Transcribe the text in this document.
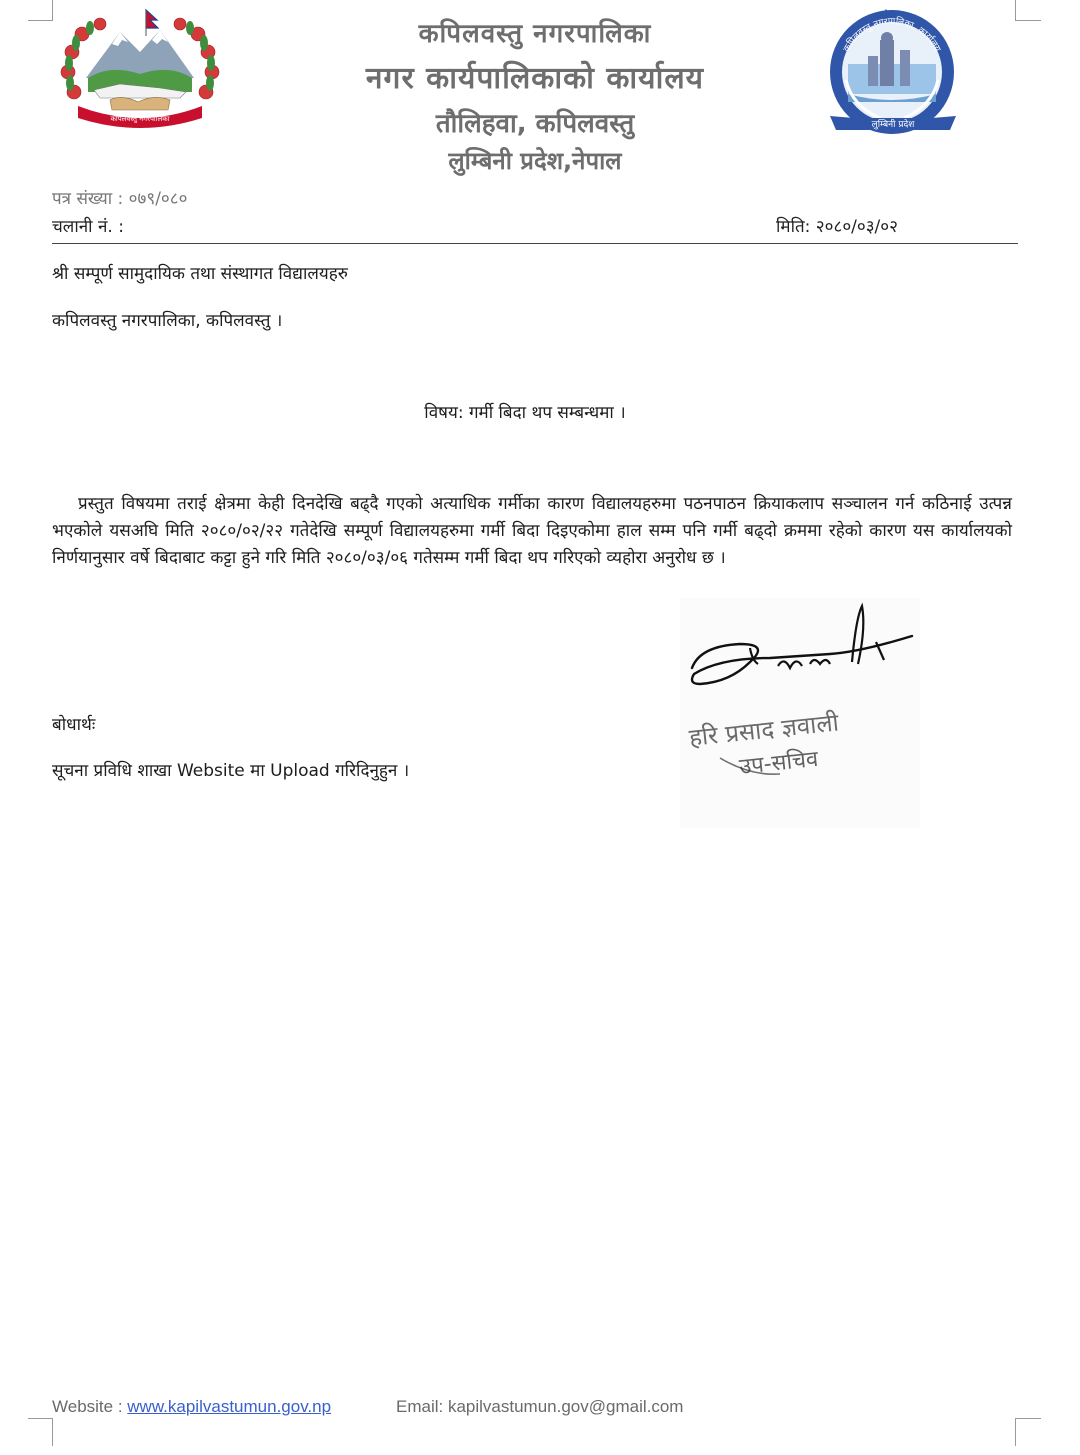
कपिलवस्तु नगरपालिका
कपिलवस्तु नगरपालिका, कार्यालय
लुम्बिनी प्रदेश
कपिलवस्तु नगरपालिका
नगर कार्यपालिकाको कार्यालय
तौलिहवा, कपिलवस्तु
लुम्बिनी प्रदेश,नेपाल
पत्र संख्या : ०७९/०८०
चलानी नं. :	मिति: २०८०/०३/०२
श्री सम्पूर्ण सामुदायिक तथा संस्थागत विद्यालयहरु
कपिलवस्तु नगरपालिका, कपिलवस्तु ।
विषय: गर्मी बिदा थप सम्बन्धमा ।
प्रस्तुत विषयमा तराई क्षेत्रमा केही दिनदेखि बढ्दै गएको अत्याधिक गर्मीका कारण विद्यालयहरुमा पठनपाठन क्रियाकलाप सञ्चालन गर्न कठिनाई उत्पन्न भएकोले यसअघि मिति २०८०/०२/२२ गतेदेखि सम्पूर्ण विद्यालयहरुमा गर्मी बिदा दिइएकोमा हाल सम्म पनि गर्मी बढ्दो क्रममा रहेको कारण यस कार्यालयको निर्णयानुसार वर्षे बिदाबाट कट्टा हुने गरि मिति २०८०/०३/०६ गतेसम्म गर्मी बिदा थप गरिएको व्यहोरा अनुरोध छ ।
बोधार्थः
सूचना प्रविधि शाखा Website मा Upload गरिदिनुहुन ।
हरि प्रसाद ज्ञवाली
उप-सचिव
Website : www.kapilvastumun.gov.np	Email: kapilvastumun.gov@gmail.com
